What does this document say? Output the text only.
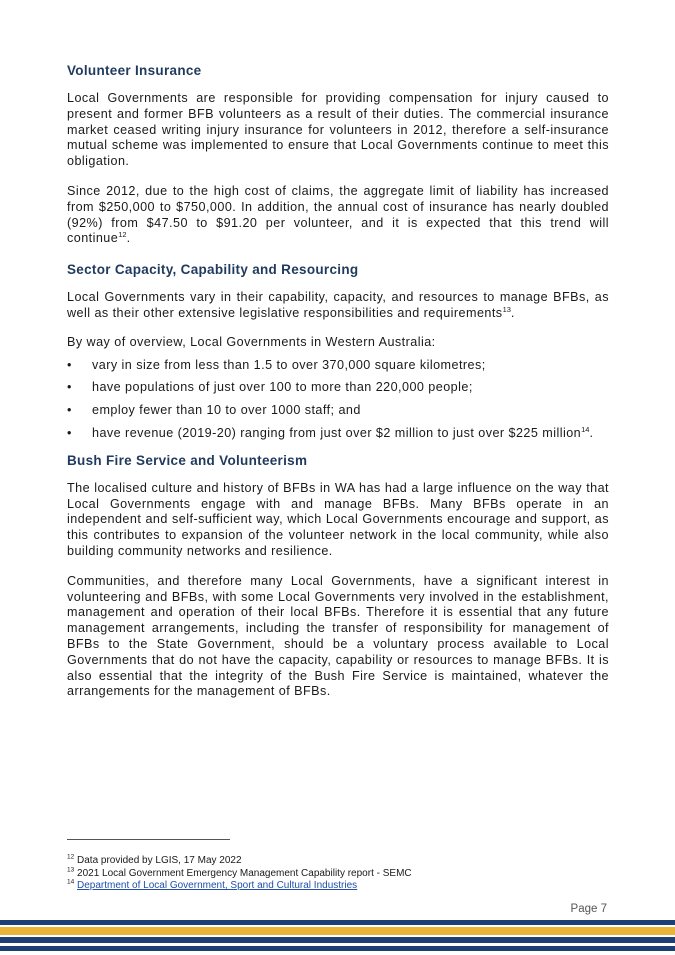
Volunteer Insurance

Local Governments are responsible for providing compensation for injury caused to present and former BFB volunteers as a result of their duties. The commercial insurance market ceased writing injury insurance for volunteers in 2012, therefore a self-insurance mutual scheme was implemented to ensure that Local Governments continue to meet this obligation.

Since 2012, due to the high cost of claims, the aggregate limit of liability has increased from $250,000 to $750,000. In addition, the annual cost of insurance has nearly doubled (92%) from $47.50 to $91.20 per volunteer, and it is expected that this trend will continue$^{12}$.

Sector Capacity, Capability and Resourcing

Local Governments vary in their capability, capacity, and resources to manage BFBs, as well as their other extensive legislative responsibilities and requirements$^{13}$.

By way of overview, Local Governments in Western Australia:

•	vary in size from less than 1.5 to over 370,000 square kilometres;
•	have populations of just over 100 to more than 220,000 people;
•	employ fewer than 10 to over 1000 staff; and
•	have revenue (2019-20) ranging from just over $2 million to just over $225 million$^{14}$.
Bush Fire Service and Volunteerism

The localised culture and history of BFBs in WA has had a large influence on the way that Local Governments engage with and manage BFBs. Many BFBs operate in an independent and self-sufficient way, which Local Governments encourage and support, as this contributes to expansion of the volunteer network in the local community, while also building community networks and resilience.

Communities, and therefore many Local Governments, have a significant interest in volunteering and BFBs, with some Local Governments very involved in the establishment, management and operation of their local BFBs. Therefore it is essential that any future management arrangements, including the transfer of responsibility for management of BFBs to the State Government, should be a voluntary process available to Local Governments that do not have the capacity, capability or resources to manage BFBs. It is also essential that the integrity of the Bush Fire Service is maintained, whatever the arrangements for the management of BFBs.

$^{12}$ Data provided by LGIS, 17 May 2022
$^{13}$ 2021 Local Government Emergency Management Capability report - SEMC
$^{14}$ Department of Local Government, Sport and Cultural Industries
Page 7
